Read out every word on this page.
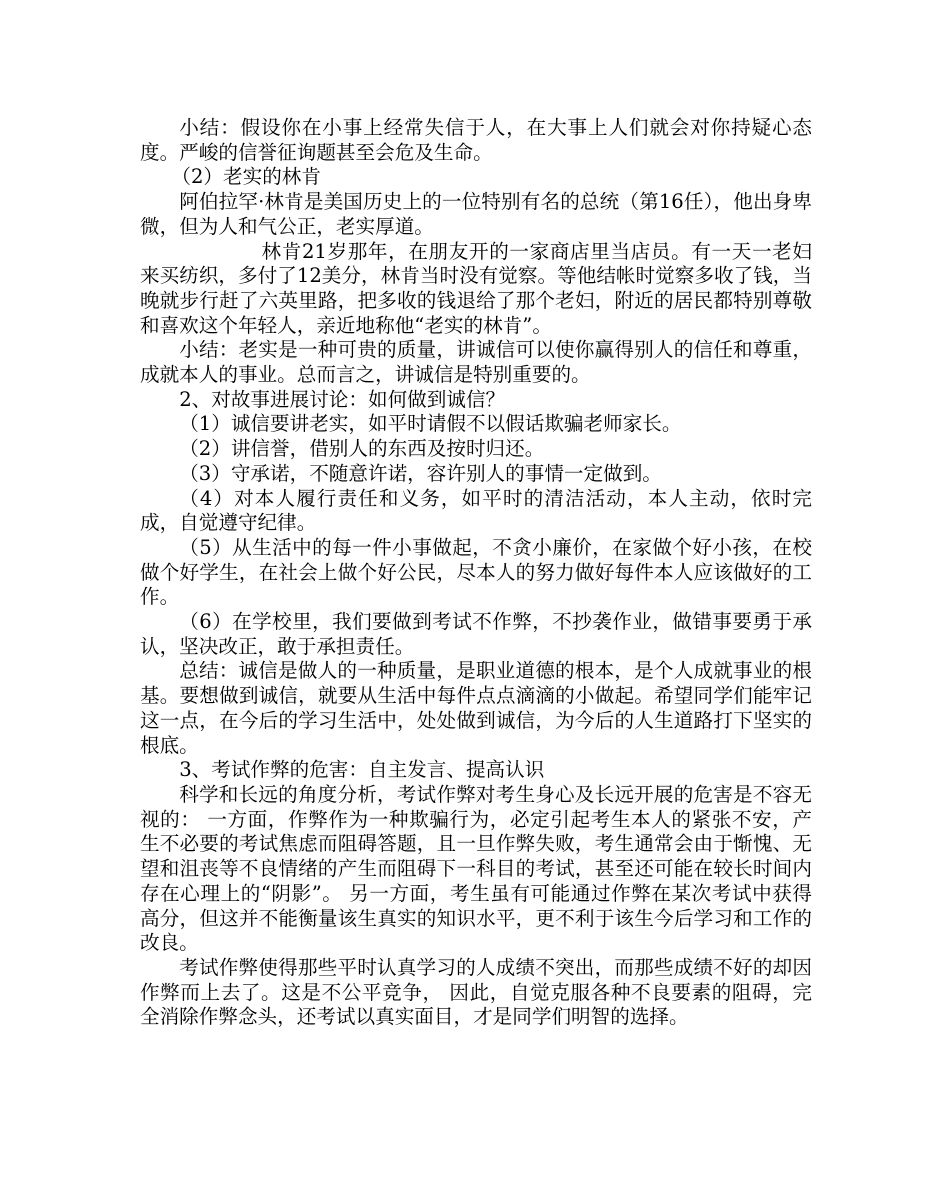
小结：假设你在小事上经常失信于人，在大事上人们就会对你持疑心态度。严峻的信誉征询题甚至会危及生命。

（2）老实的林肯

阿伯拉罕·林肯是美国历史上的一位特别有名的总统（第16任），他出身卑微，但为人和气公正，老实厚道。

林肯21岁那年，在朋友开的一家商店里当店员。有一天一老妇来买纺织，多付了12美分，林肯当时没有觉察。等他结帐时觉察多收了钱，当晚就步行赶了六英里路，把多收的钱退给了那个老妇，附近的居民都特别尊敬和喜欢这个年轻人，亲近地称他“老实的林肯”。

小结：老实是一种可贵的质量，讲诚信可以使你赢得别人的信任和尊重，成就本人的事业。总而言之，讲诚信是特别重要的。

2、对故事进展讨论：如何做到诚信？

（1）诚信要讲老实，如平时请假不以假话欺骗老师家长。

（2）讲信誉，借别人的东西及按时归还。

（3）守承诺，不随意许诺，容许别人的事情一定做到。

（4）对本人履行责任和义务，如平时的清洁活动，本人主动，依时完成，自觉遵守纪律。

（5）从生活中的每一件小事做起，不贪小廉价，在家做个好小孩，在校做个好学生，在社会上做个好公民，尽本人的努力做好每件本人应该做好的工作。

（6）在学校里，我们要做到考试不作弊，不抄袭作业，做错事要勇于承认，坚决改正，敢于承担责任。

总结：诚信是做人的一种质量，是职业道德的根本，是个人成就事业的根基。要想做到诚信，就要从生活中每件点点滴滴的小做起。希望同学们能牢记这一点，在今后的学习生活中，处处做到诚信，为今后的人生道路打下坚实的根底。

3、考试作弊的危害：自主发言、提高认识

科学和长远的角度分析，考试作弊对考生身心及长远开展的危害是不容无视的： 一方面，作弊作为一种欺骗行为，必定引起考生本人的紧张不安，产生不必要的考试焦虑而阻碍答题，且一旦作弊失败，考生通常会由于惭愧、无望和沮丧等不良情绪的产生而阻碍下一科目的考试，甚至还可能在较长时间内存在心理上的“阴影”。 另一方面，考生虽有可能通过作弊在某次考试中获得高分，但这并不能衡量该生真实的知识水平，更不利于该生今后学习和工作的改良。

考试作弊使得那些平时认真学习的人成绩不突出，而那些成绩不好的却因作弊而上去了。这是不公平竞争， 因此，自觉克服各种不良要素的阻碍，完全消除作弊念头，还考试以真实面目，才是同学们明智的选择。
